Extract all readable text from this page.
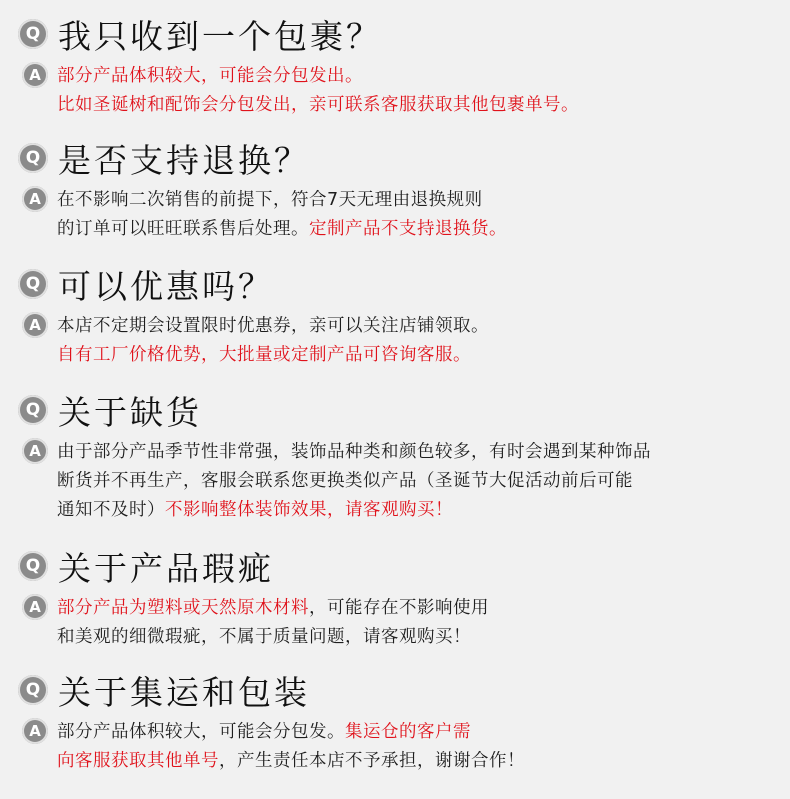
Q 我只收到一个包裹？
A 部分产品体积较大，可能会分包发出。
比如圣诞树和配饰会分包发出，亲可联系客服获取其他包裹单号。
Q 是否支持退换？
A 在不影响二次销售的前提下，符合7天无理由退换规则
的订单可以旺旺联系售后处理。定制产品不支持退换货。
Q 可以优惠吗？
A 本店不定期会设置限时优惠券，亲可以关注店铺领取。
自有工厂价格优势，大批量或定制产品可咨询客服。
Q 关于缺货
A 由于部分产品季节性非常强，装饰品种类和颜色较多，有时会遇到某种饰品
断货并不再生产，客服会联系您更换类似产品（圣诞节大促活动前后可能
通知不及时）不影响整体装饰效果，请客观购买！
Q 关于产品瑕疵
A 部分产品为塑料或天然原木材料，可能存在不影响使用
和美观的细微瑕疵，不属于质量问题，请客观购买！
Q 关于集运和包装
A 部分产品体积较大，可能会分包发。集运仓的客户需
向客服获取其他单号，产生责任本店不予承担，谢谢合作！
